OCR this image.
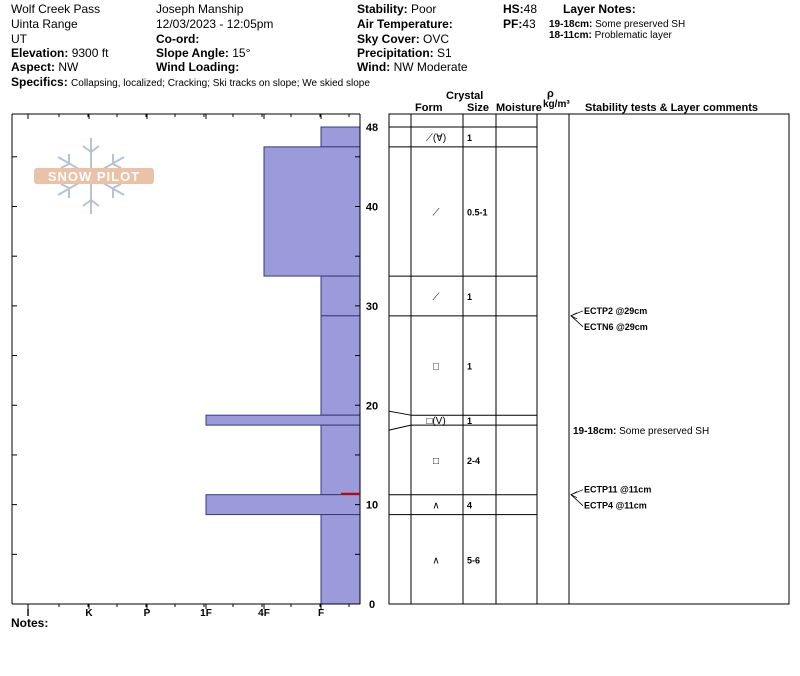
Wolf Creek Pass
Uinta Range
UT
Elevation: 9300 ft
Aspect: NW
Specifics: Collapsing, localized; Cracking; Ski tracks on slope; We skied slope
Joseph Manship
12/03/2023 - 12:05pm
Co-ord:
Slope Angle: 15°
Wind Loading:
Stability: Poor
Air Temperature:
Sky Cover: OVC
Precipitation: S1
Wind: NW Moderate
HS:48
PF:43
Layer Notes:
19-18cm: Some preserved SH
18-11cm: Problematic layer
Crystal
Form Size Moisture
ρ
kg/m³ Stability tests & Layer comments
Notes:
SNOW PILOT
I	K	P	1F	4F	F
0
10
20
30
40
48
⟋(∀) 1
⟋	0.5-1
⟋	1
□	1
□(V) 1
□	2-4
∧	4
∧	5-6
ECTP2 @29cm
ECTN6 @29cm
ECTP11 @11cm
ECTP4 @11cm
19-18cm: Some preserved SH
